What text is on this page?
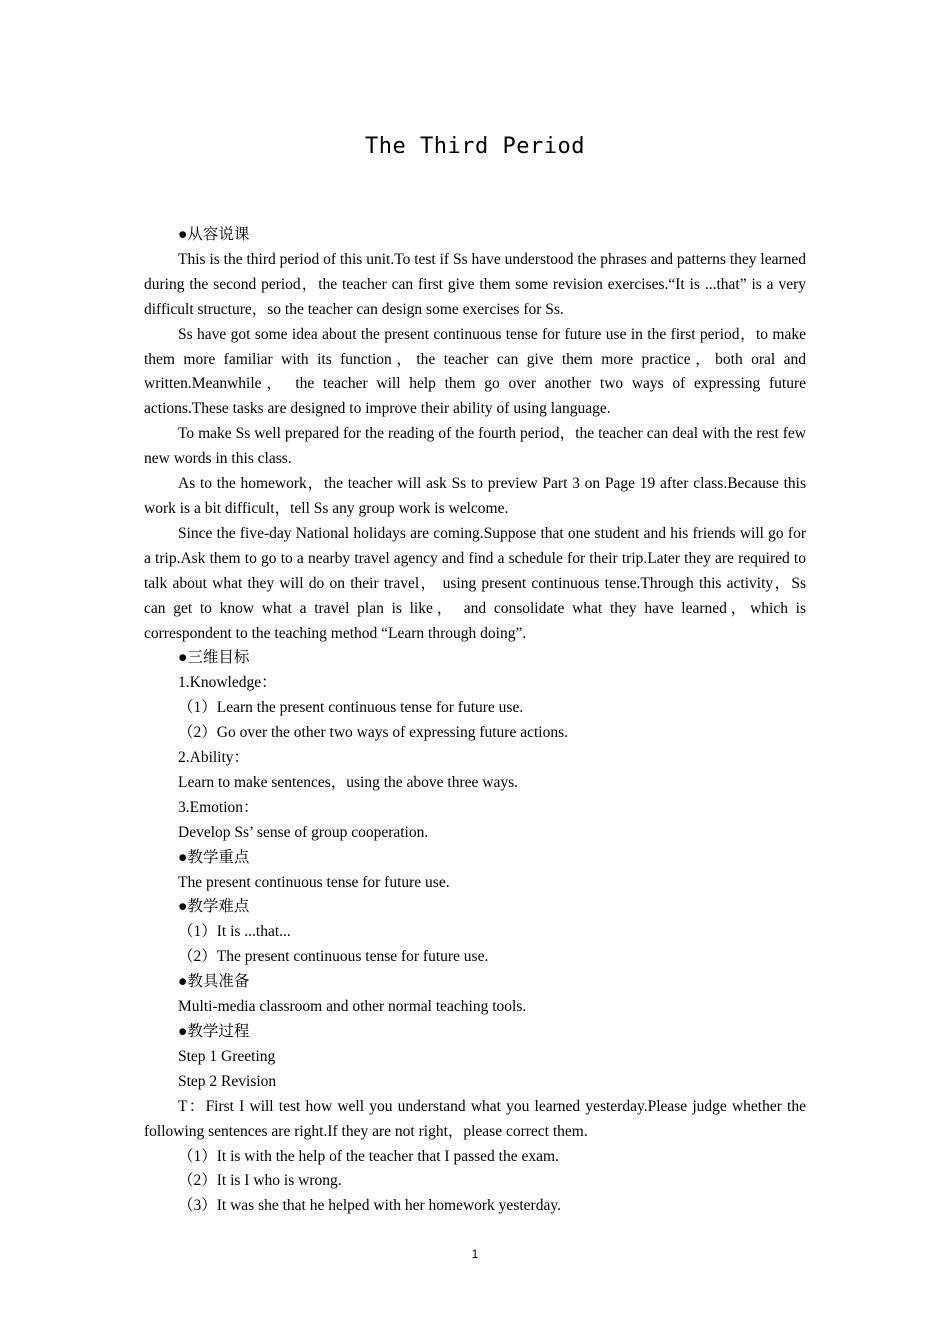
The Third Period

●从容说课

This is the third period of this unit.To test if Ss have understood the phrases and patterns they learned during the second period，the teacher can first give them some revision exercises.“It is ...that” is a very difficult structure，so the teacher can design some exercises for Ss.

Ss have got some idea about the present continuous tense for future use in the first period，to make them more familiar with its function，the teacher can give them more practice，both oral and written.Meanwhile， the teacher will help them go over another two ways of expressing future actions.These tasks are designed to improve their ability of using language.

To make Ss well prepared for the reading of the fourth period，the teacher can deal with the rest few new words in this class.

As to the homework，the teacher will ask Ss to preview Part 3 on Page 19 after class.Because this work is a bit difficult，tell Ss any group work is welcome.

Since the five-day National holidays are coming.Suppose that one student and his friends will go for a trip.Ask them to go to a nearby travel agency and find a schedule for their trip.Later they are required to talk about what they will do on their travel， using present continuous tense.Through this activity，Ss can get to know what a travel plan is like， and consolidate what they have learned，which is correspondent to the teaching method “Learn through doing”.

●三维目标

1.Knowledge：

（1）Learn the present continuous tense for future use.

（2）Go over the other two ways of expressing future actions.

2.Ability：

Learn to make sentences，using the above three ways.

3.Emotion：

Develop Ss’ sense of group cooperation.

●教学重点

The present continuous tense for future use.

●教学难点

（1）It is ...that...

（2）The present continuous tense for future use.

●教具准备

Multi-media classroom and other normal teaching tools.

●教学过程

Step 1 Greeting

Step 2 Revision

T：First I will test how well you understand what you learned yesterday.Please judge whether the following sentences are right.If they are not right，please correct them.

（1）It is with the help of the teacher that I passed the exam.

（2）It is I who is wrong.

（3）It was she that he helped with her homework yesterday.

1
